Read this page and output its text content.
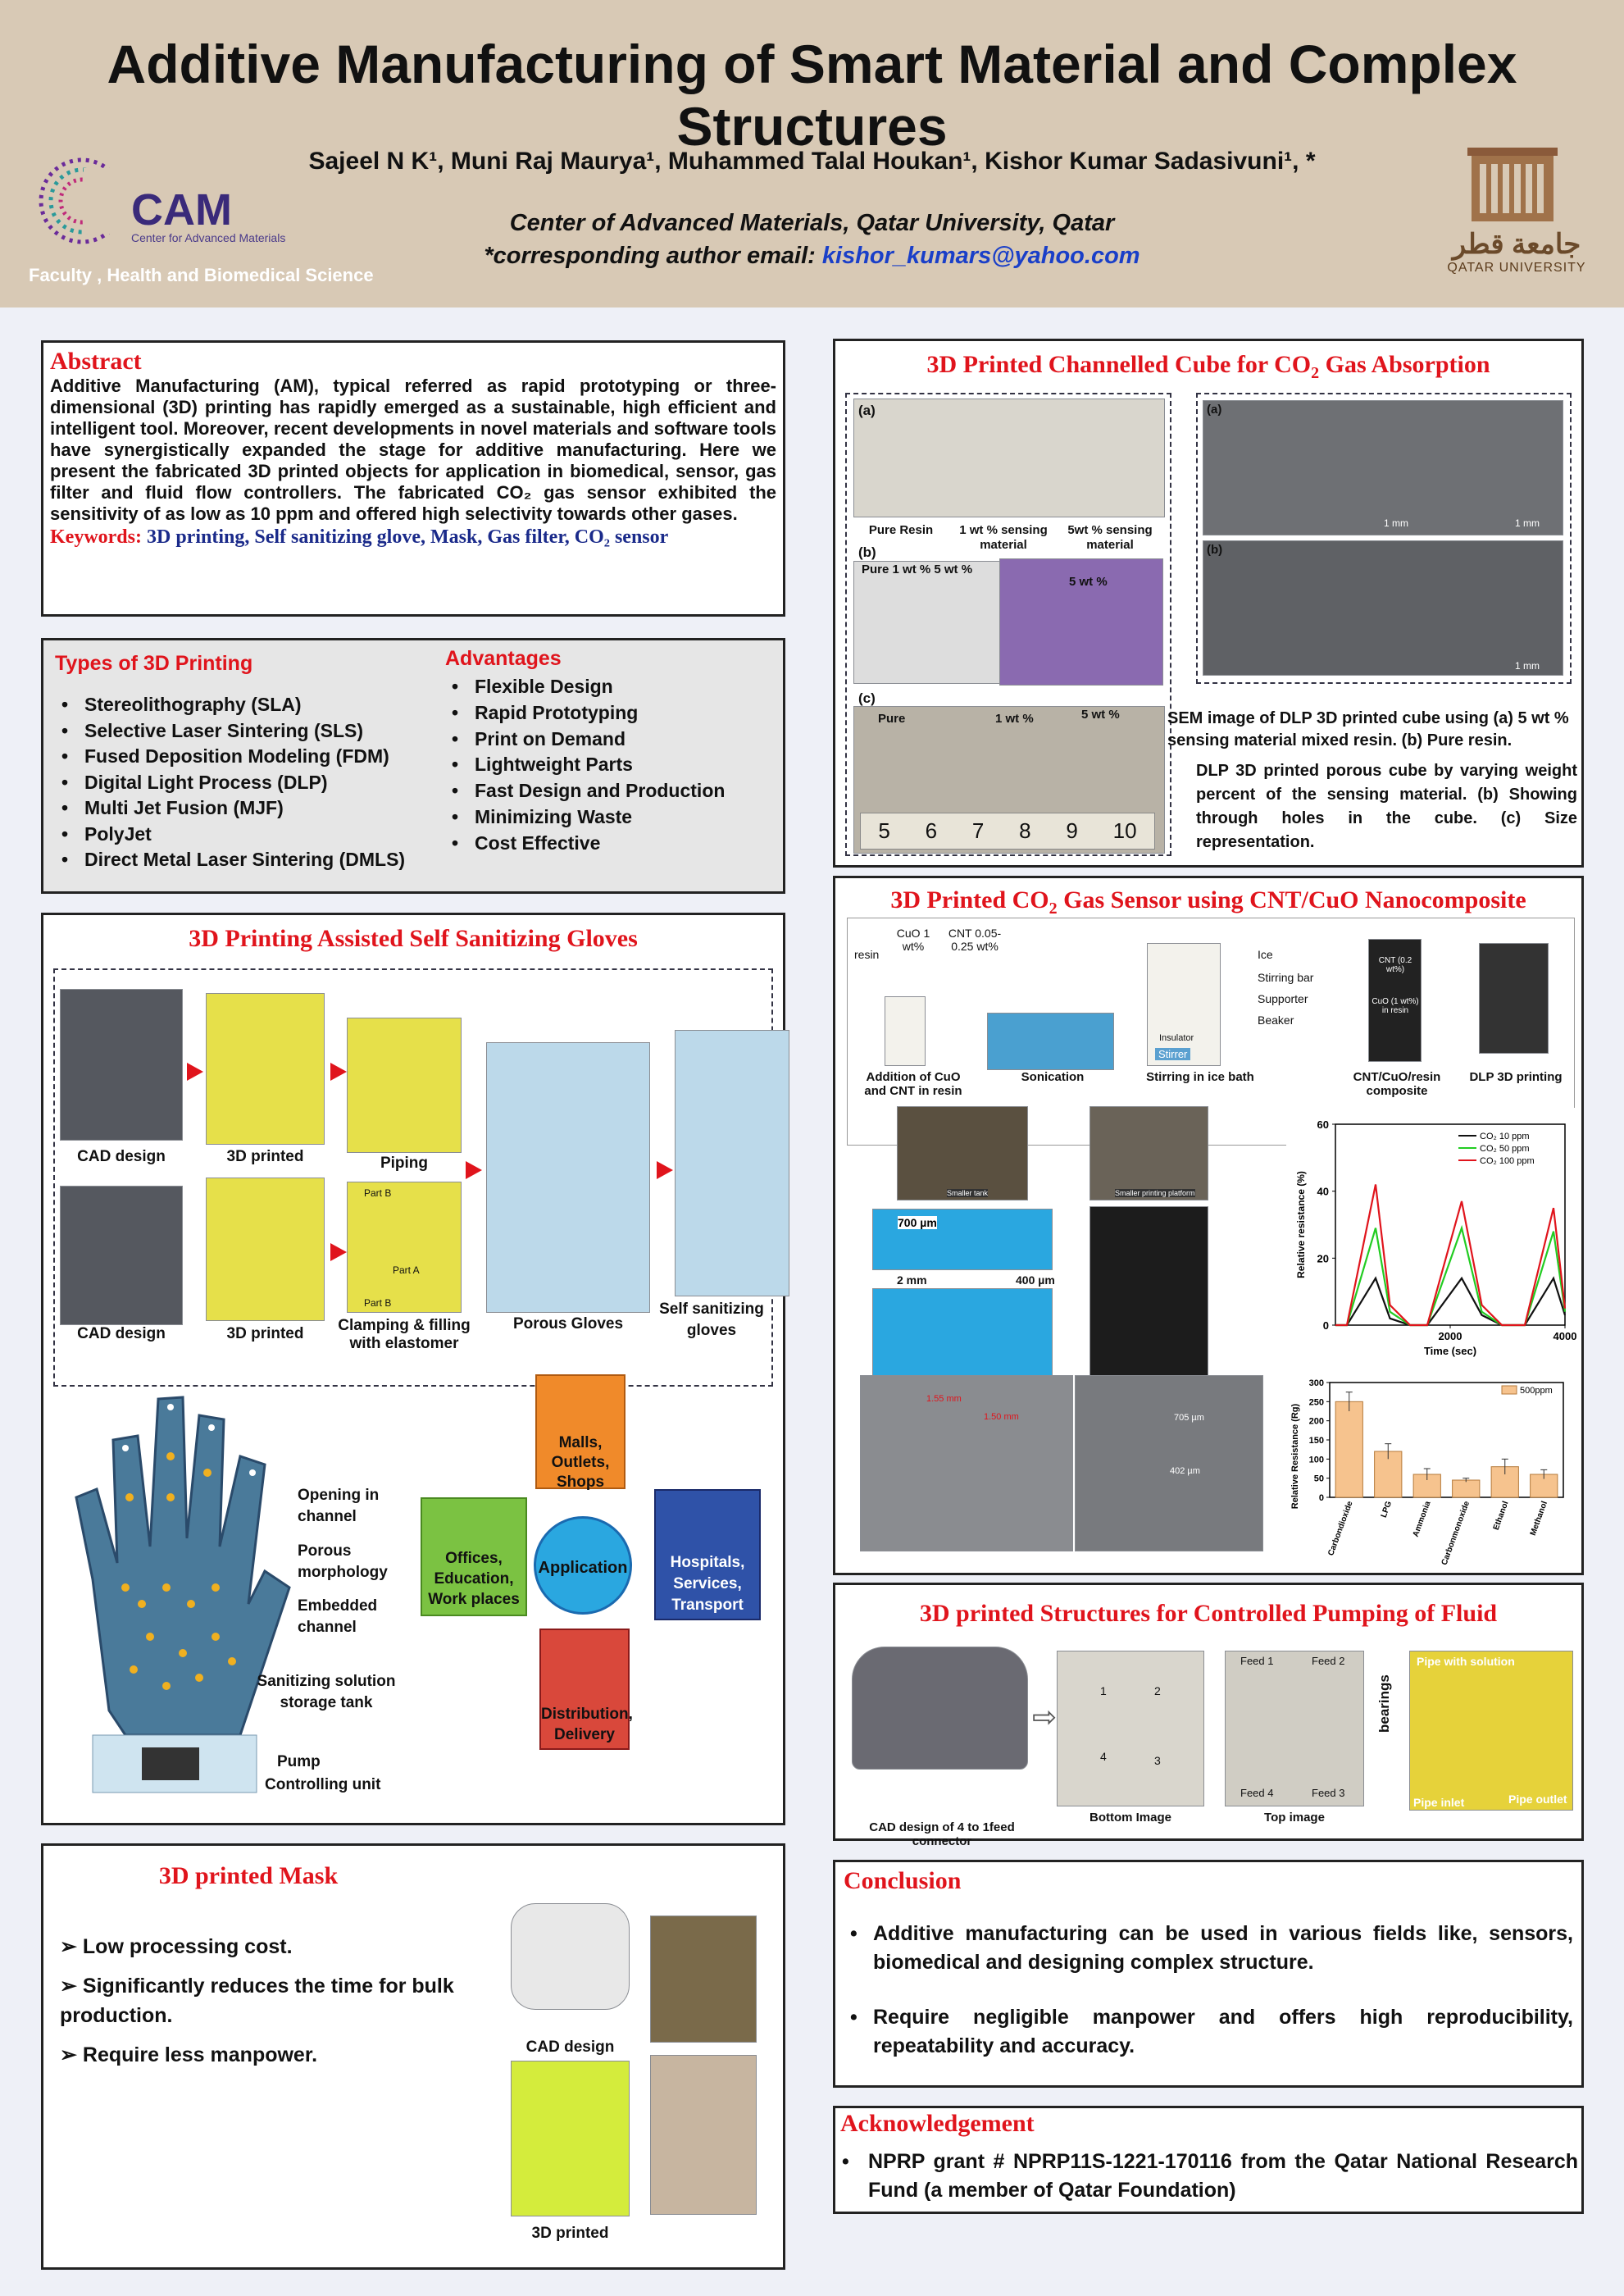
Additive Manufacturing of Smart Material and Complex Structures
Sajeel N K¹, Muni Raj Maurya¹, Muhammed Talal Houkan¹, Kishor Kumar Sadasivuni¹, *
Center of Advanced Materials, Qatar University, Qatar
*corresponding author email: kishor_kumars@yahoo.com
CAM
Center for Advanced Materials
Faculty , Health and Biomedical Science
جامعة قطر
QATAR UNIVERSITY
Abstract
Additive Manufacturing (AM), typical referred as rapid prototyping or three-dimensional (3D) printing has rapidly emerged as a sustainable, high efficient and intelligent tool. Moreover, recent developments in novel materials and software tools have synergistically expanded the stage for additive manufacturing. Here we present the fabricated 3D printed objects for application in biomedical, sensor, gas filter and fluid flow controllers. The fabricated CO₂ gas sensor exhibited the sensitivity of as low as 10 ppm and offered high selectivity towards other gases.
Keywords: 3D printing, Self sanitizing glove, Mask, Gas filter, CO₂ sensor
Types of 3D Printing
• Stereolithography (SLA)
• Selective Laser Sintering (SLS)
• Fused Deposition Modeling (FDM)
• Digital Light Process (DLP)
• Multi Jet Fusion (MJF)
• PolyJet
• Direct Metal Laser Sintering (DMLS)
Advantages
• Flexible Design
• Rapid Prototyping
• Print on Demand
• Lightweight Parts
• Fast Design and Production
• Minimizing Waste
• Cost Effective
3D Printing Assisted Self Sanitizing Gloves
CAD design	3D printed	Piping
CAD design	3D printed
Part B
Part A
Part B
Clamping & filling with elastomer
Porous Gloves
Self sanitizing gloves
Opening in channel
Porous morphology
Embedded channel
Sanitizing solution storage tank
Pump
Controlling unit
Malls, Outlets, Shops
Offices, Education, Work places
Application	Hospitals, Services, Transport
Distribution, Delivery
3D printed Mask
➢ Low processing cost.
➢ Significantly reduces the time for bulk production.
➢ Require less manpower.	CAD design
3D printed
3D Printed Channelled Cube for $CO_2$ Gas Absorption
(a)
Pure Resin	1 wt % sensing material
5wt % sensing material
(b)
Pure 1 wt % 5 wt %
5 wt %
(c)
Pure	1 wt %	5 wt %
5 6 7 8 9 10
(a)
1 mm	1 mm
(b)
1 mm
SEM image of DLP 3D printed cube using (a) 5 wt % sensing material mixed resin. (b) Pure resin.
DLP 3D printed porous cube by varying weight percent of the sensing material. (b) Showing through holes in the cube. (c) Size representation.
3D Printed $CO_2$ Gas Sensor using CNT/CuO Nanocomposite
resin
CuO 1 wt%
CNT 0.05-0.25 wt%
Addition of CuO and CNT in resin
Sonication
Stirrer
Insulator
Ice
Stirring bar
Supporter
Beaker
Stirring in ice bath
CNT (0.2 wt%)
CuO (1 wt%) in resin
CNT/CuO/resin composite
DLP 3D printing
Smaller tank	Smaller printing platform
700 µm
2 mm	400 µm
1.55 mm
1.50 mm	705 µm
402 µm
0
20
40
60
2000	4000
Time (sec)
Relative resistance (%)
CO₂ 10 ppm
CO₂ 50 ppm
CO₂ 100 ppm
0
50
100
150
200
250
300
Relative Resistance (Rg)
Carbondioxide	LPG Ammonia Carbonmonoxide Ethanol Methanol
500ppm
3D printed Structures for Controlled Pumping of Fluid
CAD design of 4 to 1feed connector
⇨
1	2
4	3
Bottom Image
Feed 1	Feed 2
Feed 4	Feed 3
Top image
bearings
Pipe with solution
Pipe inlet	Pipe outlet
Conclusion
• Additive manufacturing can be used in various fields like, sensors, biomedical and designing complex structure.
• Require negligible manpower and offers high reproducibility, repeatability and accuracy.
Acknowledgement
• NPRP grant # NPRP11S-1221-170116 from the Qatar National Research Fund (a member of Qatar Foundation)
